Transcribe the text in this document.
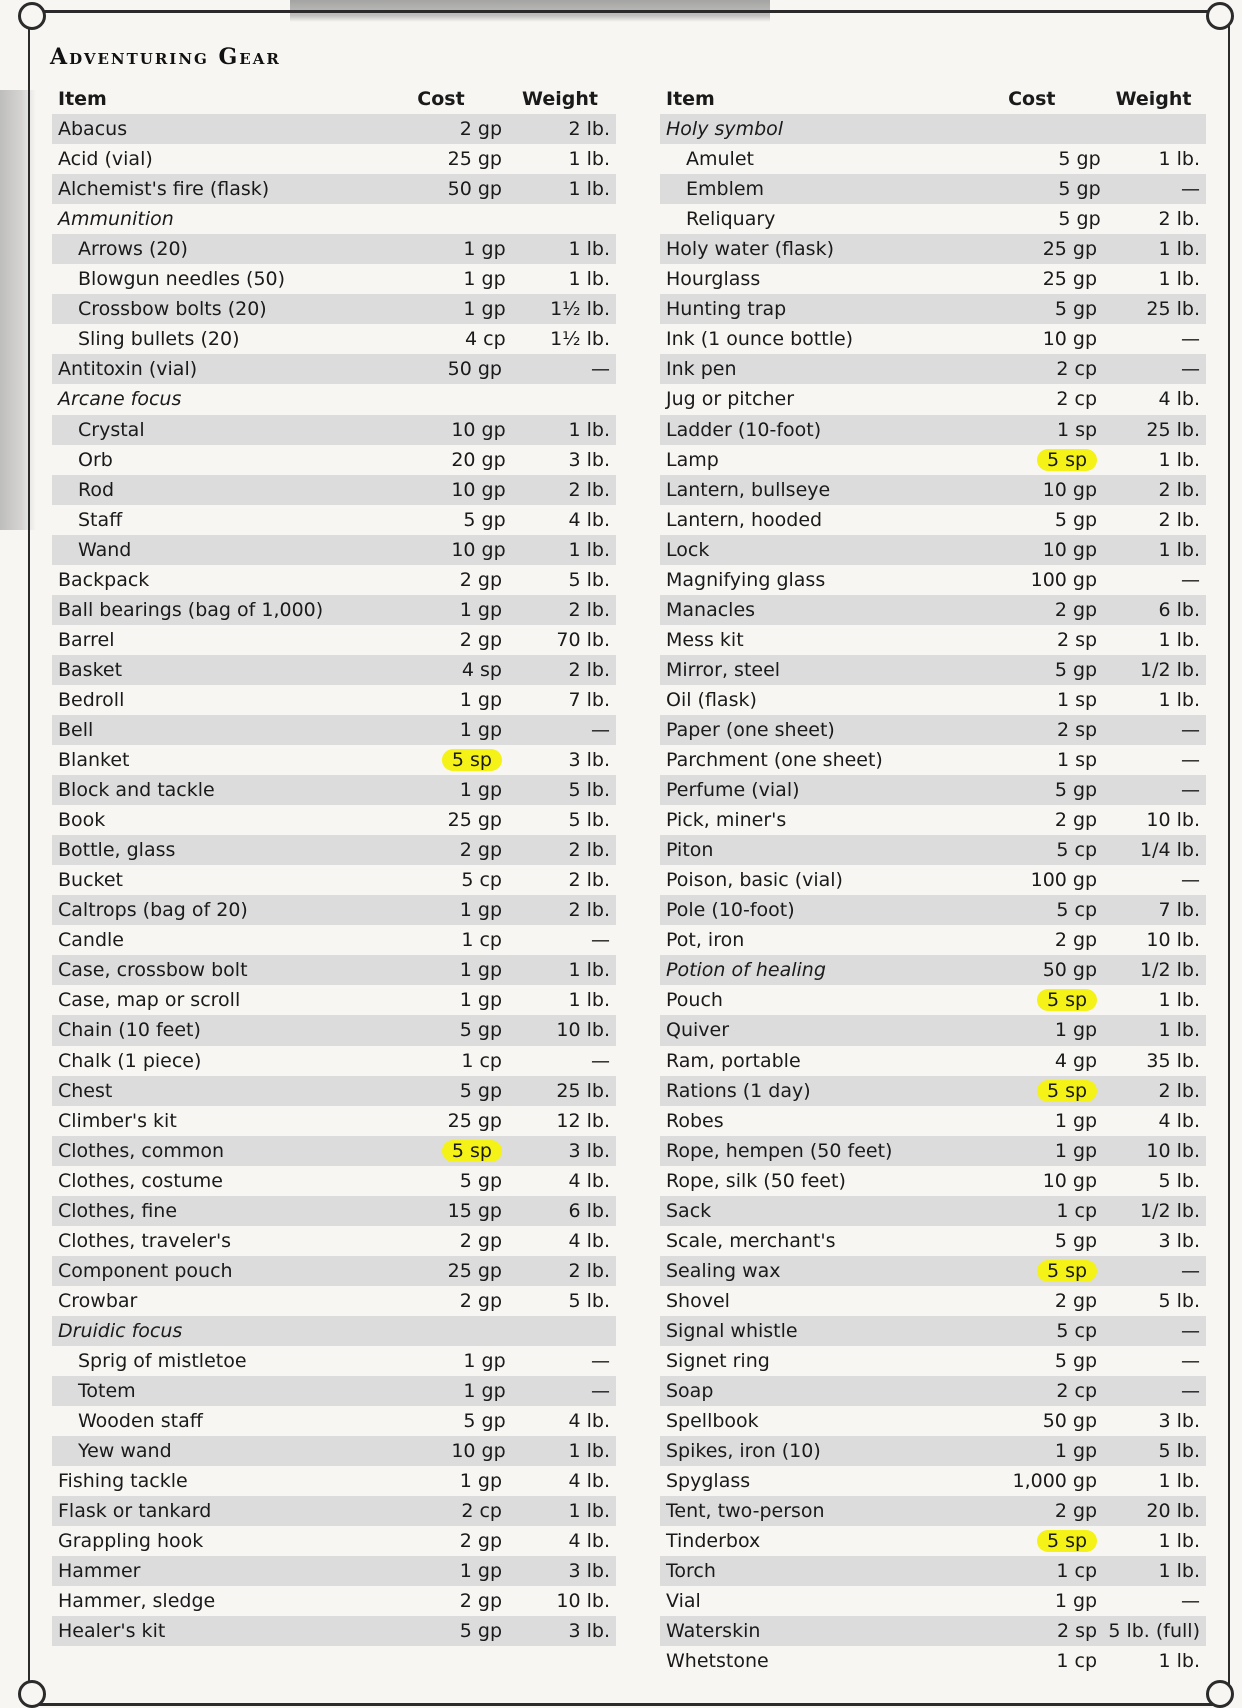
Adventuring Gear
Item	Cost	Weight
Abacus	2 gp	2 lb.
Acid (vial)	25 gp	1 lb.
Alchemist's fire (flask)	50 gp	1 lb.
Ammunition
Arrows (20)	1 gp	1 lb.
Blowgun needles (50)	1 gp	1 lb.
Crossbow bolts (20)	1 gp	1½ lb.
Sling bullets (20)	4 cp	1½ lb.
Antitoxin (vial)	50 gp	—
Arcane focus
Crystal	10 gp	1 lb.
Orb	20 gp	3 lb.
Rod	10 gp	2 lb.
Staff	5 gp	4 lb.
Wand	10 gp	1 lb.
Backpack	2 gp	5 lb.
Ball bearings (bag of 1,000)	1 gp	2 lb.
Barrel	2 gp	70 lb.
Basket	4 sp	2 lb.
Bedroll	1 gp	7 lb.
Bell	1 gp	—
Blanket	5 sp	3 lb.
Block and tackle	1 gp	5 lb.
Book	25 gp	5 lb.
Bottle, glass	2 gp	2 lb.
Bucket	5 cp	2 lb.
Caltrops (bag of 20)	1 gp	2 lb.
Candle	1 cp	—
Case, crossbow bolt	1 gp	1 lb.
Case, map or scroll	1 gp	1 lb.
Chain (10 feet)	5 gp	10 lb.
Chalk (1 piece)	1 cp	—
Chest	5 gp	25 lb.
Climber's kit	25 gp	12 lb.
Clothes, common	5 sp	3 lb.
Clothes, costume	5 gp	4 lb.
Clothes, fine	15 gp	6 lb.
Clothes, traveler's	2 gp	4 lb.
Component pouch	25 gp	2 lb.
Crowbar	2 gp	5 lb.
Druidic focus
Sprig of mistletoe	1 gp	—
Totem	1 gp	—
Wooden staff	5 gp	4 lb.
Yew wand	10 gp	1 lb.
Fishing tackle	1 gp	4 lb.
Flask or tankard	2 cp	1 lb.
Grappling hook	2 gp	4 lb.
Hammer	1 gp	3 lb.
Hammer, sledge	2 gp	10 lb.
Healer's kit	5 gp	3 lb.
Item	Cost	Weight
Holy symbol
Amulet	5 gp	1 lb.
Emblem	5 gp	—
Reliquary	5 gp	2 lb.
Holy water (flask)	25 gp	1 lb.
Hourglass	25 gp	1 lb.
Hunting trap	5 gp	25 lb.
Ink (1 ounce bottle)	10 gp	—
Ink pen	2 cp	—
Jug or pitcher	2 cp	4 lb.
Ladder (10-foot)	1 sp	25 lb.
Lamp	5 sp	1 lb.
Lantern, bullseye	10 gp	2 lb.
Lantern, hooded	5 gp	2 lb.
Lock	10 gp	1 lb.
Magnifying glass	100 gp	—
Manacles	2 gp	6 lb.
Mess kit	2 sp	1 lb.
Mirror, steel	5 gp	1/2 lb.
Oil (flask)	1 sp	1 lb.
Paper (one sheet)	2 sp	—
Parchment (one sheet)	1 sp	—
Perfume (vial)	5 gp	—
Pick, miner's	2 gp	10 lb.
Piton	5 cp	1/4 lb.
Poison, basic (vial)	100 gp	—
Pole (10-foot)	5 cp	7 lb.
Pot, iron	2 gp	10 lb.
Potion of healing	50 gp	1/2 lb.
Pouch	5 sp	1 lb.
Quiver	1 gp	1 lb.
Ram, portable	4 gp	35 lb.
Rations (1 day)	5 sp	2 lb.
Robes	1 gp	4 lb.
Rope, hempen (50 feet)	1 gp	10 lb.
Rope, silk (50 feet)	10 gp	5 lb.
Sack	1 cp	1/2 lb.
Scale, merchant's	5 gp	3 lb.
Sealing wax	5 sp	—
Shovel	2 gp	5 lb.
Signal whistle	5 cp	—
Signet ring	5 gp	—
Soap	2 cp	—
Spellbook	50 gp	3 lb.
Spikes, iron (10)	1 gp	5 lb.
Spyglass	1,000 gp	1 lb.
Tent, two-person	2 gp	20 lb.
Tinderbox	5 sp	1 lb.
Torch	1 cp	1 lb.
Vial	1 gp	—
Waterskin	2 sp 5 lb. (full)
Whetstone	1 cp	1 lb.
